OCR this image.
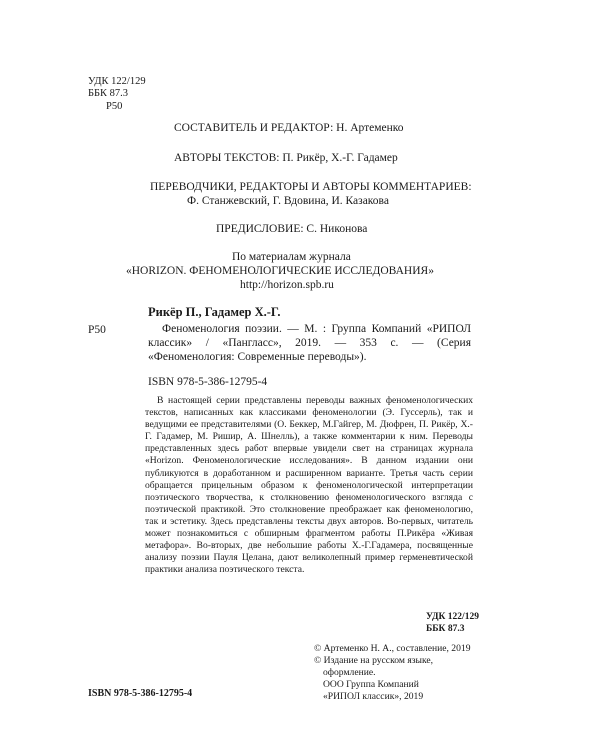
УДК 122/129
ББК 87.3
Р50
СОСТАВИТЕЛЬ И РЕДАКТОР: Н. Артеменко
АВТОРЫ ТЕКСТОВ: П. Рикёр, Х.-Г. Гадамер
ПЕРЕВОДЧИКИ, РЕДАКТОРЫ И АВТОРЫ КОММЕНТАРИЕВ:
Ф. Станжевский, Г. Вдовина, И. Казакова
ПРЕДИСЛОВИЕ: С. Никонова
По материалам журнала
«HORIZON. ФЕНОМЕНОЛОГИЧЕСКИЕ ИССЛЕДОВАНИЯ»
http://horizon.spb.ru
Рикёр П., Гадамер Х.-Г.
Р50	Феноменология поэзии. — М. : Группа Компаний «РИПОЛ классик» / «Пангласс», 2019. — 353 с. — (Серия «Феноменология: Современные переводы»).
ISBN 978-5-386-12795-4
В настоящей серии представлены переводы важных феноменологических текстов, написанных как классиками феноменологии (Э. Гуссерль), так и ведущими ее представителями (О. Беккер, М.Гайгер, М. Дюфрен, П. Рикёр, Х.-Г. Гадамер, М. Ришир, А. Шнелль), а также комментарии к ним. Переводы представленных здесь работ впервые увидели свет на страницах журнала «Horizon. Феноменологические исследования». В данном издании они публикуются в доработанном и расширенном варианте. Третья часть серии обращается прицельным образом к феноменологической интерпретации поэтического творчества, к столкновению феноменологического взгляда с поэтической практикой. Это столкновение преображает как феноменологию, так и эстетику. Здесь представлены тексты двух авторов. Во-первых, читатель может познакомиться с обширным фрагментом работы П.Рикёра «Живая метафора». Во-вторых, две небольшие работы Х.-Г.Гадамера, посвященные анализу поэзии Пауля Целана, дают великолепный пример герменевтической практики анализа поэтического текста.
УДК 122/129
ББК 87.3
© Артеменко Н. А., составление, 2019
© Издание на русском языке,
оформление.
ООО Группа Компаний
«РИПОЛ классик», 2019
ISBN 978-5-386-12795-4
